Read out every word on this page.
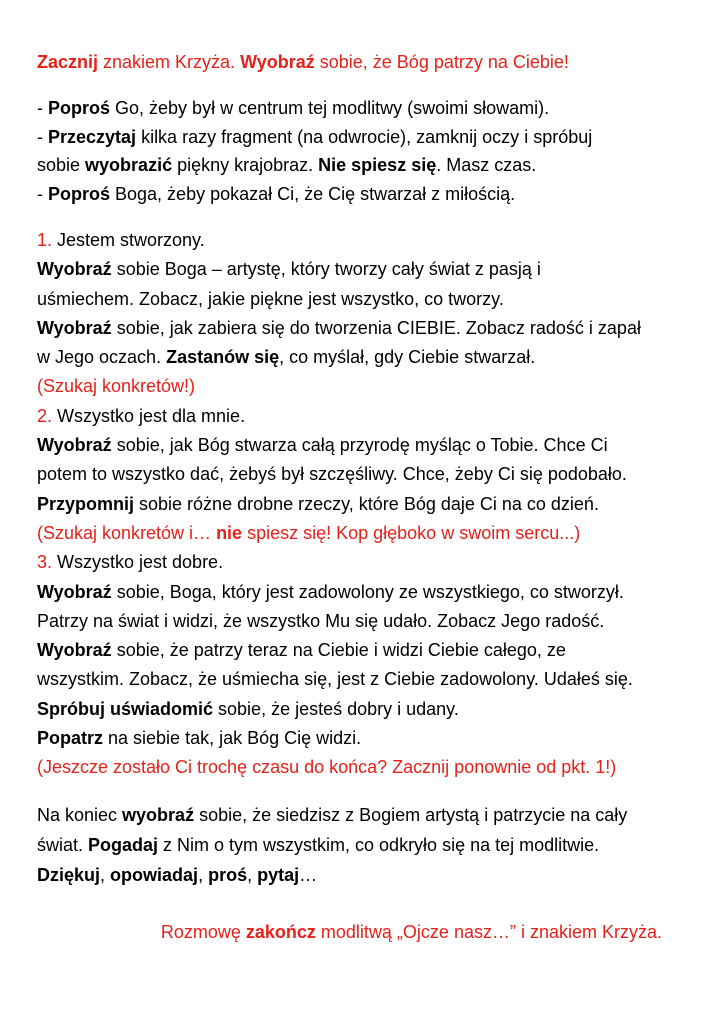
Zacznij znakiem Krzyża. Wyobraź sobie, że Bóg patrzy na Ciebie!

- Poproś Go, żeby był w centrum tej modlitwy (swoimi słowami).
- Przeczytaj kilka razy fragment (na odwrocie), zamknij oczy i spróbuj
sobie wyobrazić piękny krajobraz. Nie spiesz się. Masz czas.
- Poproś Boga, żeby pokazał Ci, że Cię stwarzał z miłością.
1. Jestem stworzony.
Wyobraź sobie Boga – artystę, który tworzy cały świat z pasją i
uśmiechem. Zobacz, jakie piękne jest wszystko, co tworzy.
Wyobraź sobie, jak zabiera się do tworzenia CIEBIE. Zobacz radość i zapał
w Jego oczach. Zastanów się, co myślał, gdy Ciebie stwarzał.
(Szukaj konkretów!)
2. Wszystko jest dla mnie.
Wyobraź sobie, jak Bóg stwarza całą przyrodę myśląc o Tobie. Chce Ci
potem to wszystko dać, żebyś był szczęśliwy. Chce, żeby Ci się podobało.
Przypomnij sobie różne drobne rzeczy, które Bóg daje Ci na co dzień.
(Szukaj konkretów i… nie spiesz się! Kop głęboko w swoim sercu...)
3. Wszystko jest dobre.
Wyobraź sobie, Boga, który jest zadowolony ze wszystkiego, co stworzył.
Patrzy na świat i widzi, że wszystko Mu się udało. Zobacz Jego radość.
Wyobraź sobie, że patrzy teraz na Ciebie i widzi Ciebie całego, ze
wszystkim. Zobacz, że uśmiecha się, jest z Ciebie zadowolony. Udałeś się.
Spróbuj uświadomić sobie, że jesteś dobry i udany.
Popatrz na siebie tak, jak Bóg Cię widzi.
(Jeszcze zostało Ci trochę czasu do końca? Zacznij ponownie od pkt. 1!)
Na koniec wyobraź sobie, że siedzisz z Bogiem artystą i patrzycie na cały
świat. Pogadaj z Nim o tym wszystkim, co odkryło się na tej modlitwie.
Dziękuj, opowiadaj, proś, pytaj…

Rozmowę zakończ modlitwą „Ojcze nasz…” i znakiem Krzyża.
